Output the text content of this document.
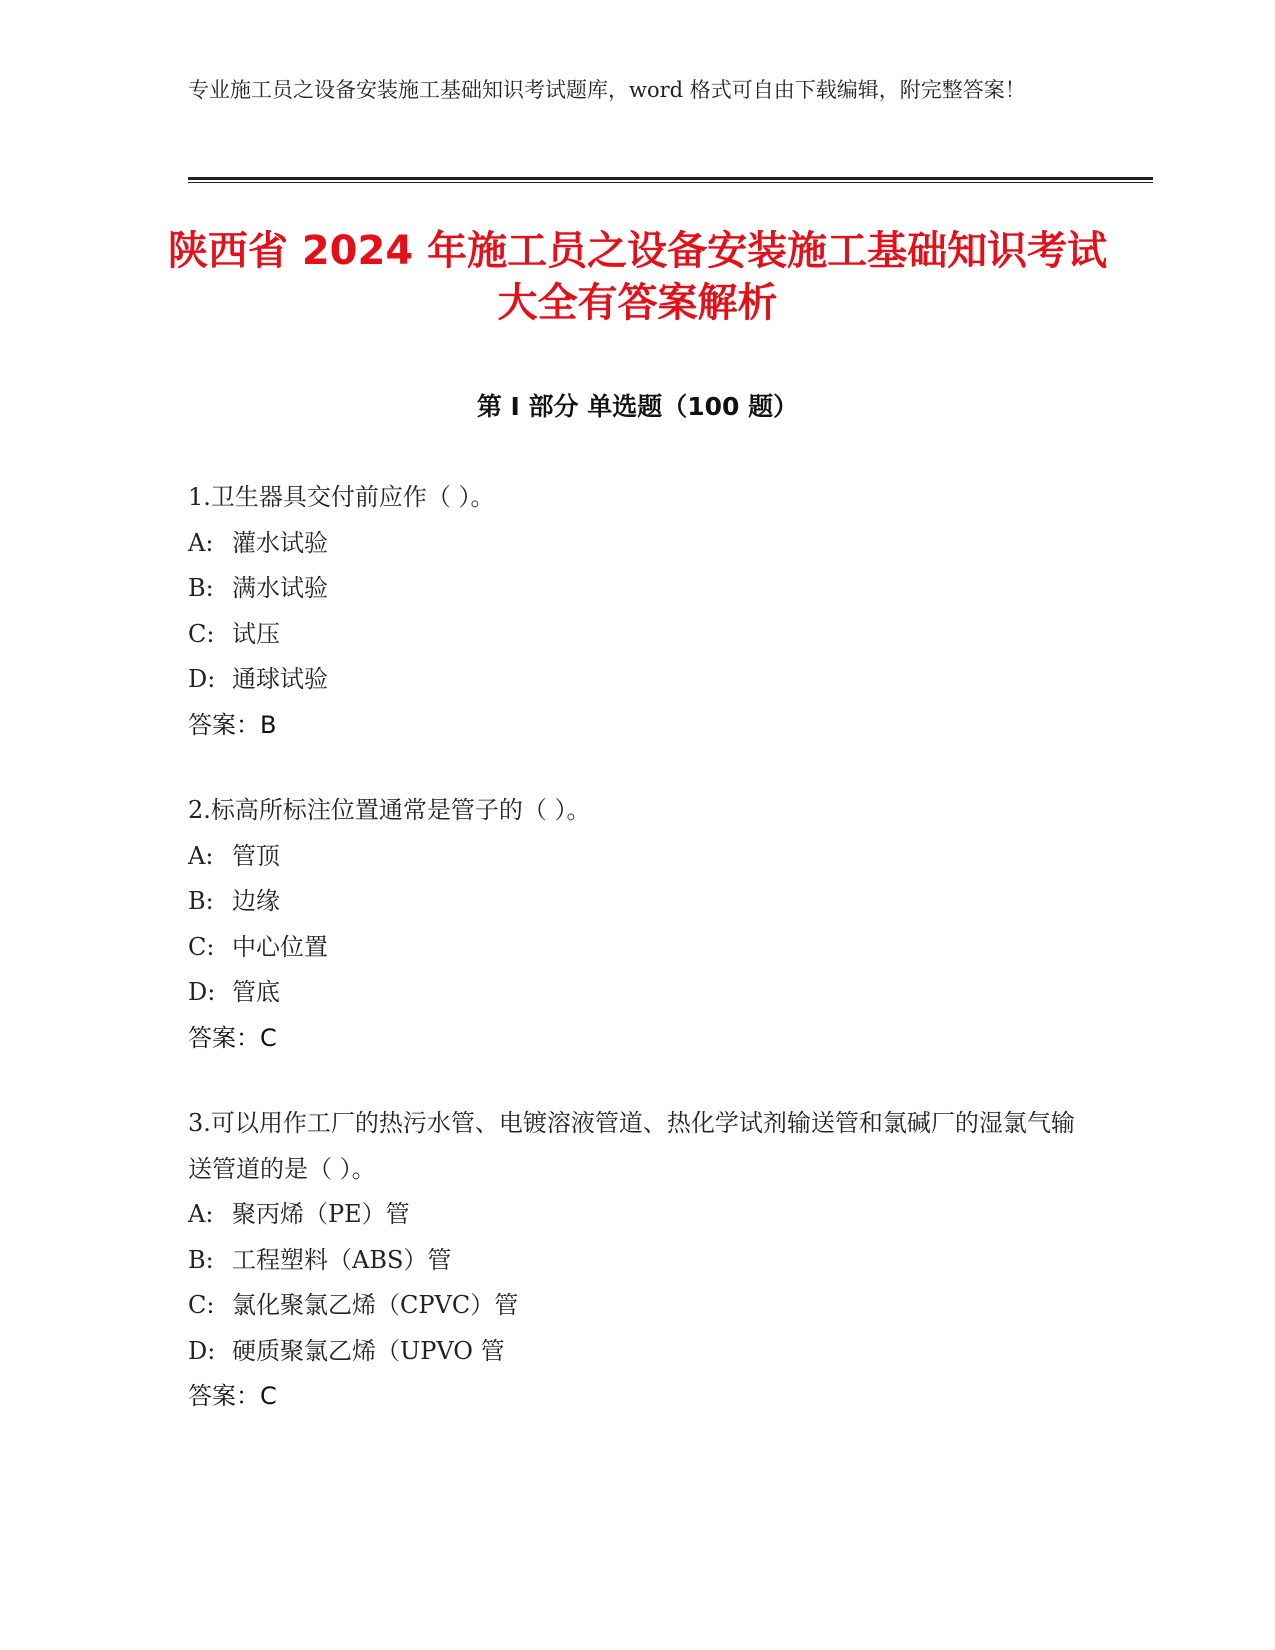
专业施工员之设备安装施工基础知识考试题库，word 格式可自由下载编辑，附完整答案！
陕西省 2024 年施工员之设备安装施工基础知识考试大全有答案解析
第 I 部分 单选题（100 题）
1.卫生器具交付前应作（ ）。
A: 灌水试验
B: 满水试验
C: 试压
D: 通球试验
答案：B
2.标高所标注位置通常是管子的（ ）。
A: 管顶
B: 边缘
C: 中心位置
D: 管底
答案：C
3.可以用作工厂的热污水管、电镀溶液管道、热化学试剂输送管和氯碱厂的湿氯气输送管道的是（ ）。
A: 聚丙烯（PE）管
B: 工程塑料（ABS）管
C: 氯化聚氯乙烯（CPVC）管
D: 硬质聚氯乙烯（UPVO 管
答案：C
